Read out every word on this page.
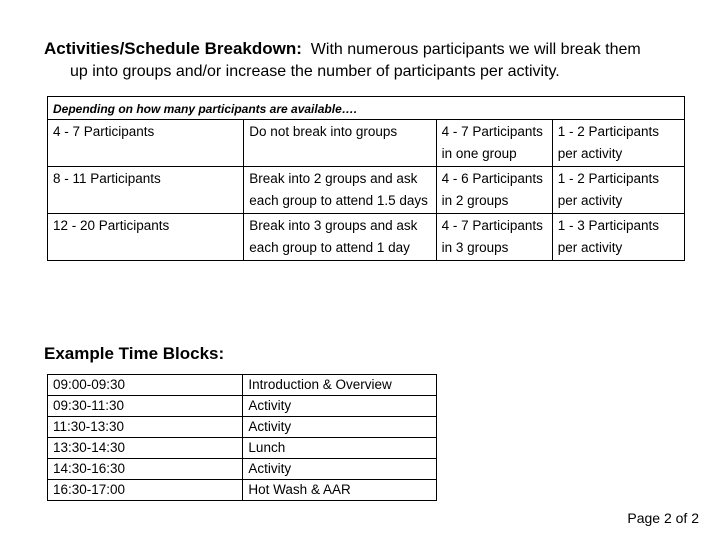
Activities/Schedule Breakdown: With numerous participants we will break them
up into groups and/or increase the number of participants per activity.
Depending on how many participants are available….			
4 - 7 Participants	Do not break into groups	4 - 7 Participants in one group	1 - 2 Participants per activity
8 - 11 Participants	Break into 2 groups and ask each group to attend 1.5 days	4 - 6 Participants in 2 groups	1 - 2 Participants per activity
12 - 20 Participants	Break into 3 groups and ask each group to attend 1 day	4 - 7 Participants in 3 groups	1 - 3 Participants per activity
Example Time Blocks:
09:00-09:30	Introduction & Overview
09:30-11:30	Activity
11:30-13:30	Activity
13:30-14:30	Lunch
14:30-16:30	Activity
16:30-17:00	Hot Wash & AAR
Page 2 of 2
